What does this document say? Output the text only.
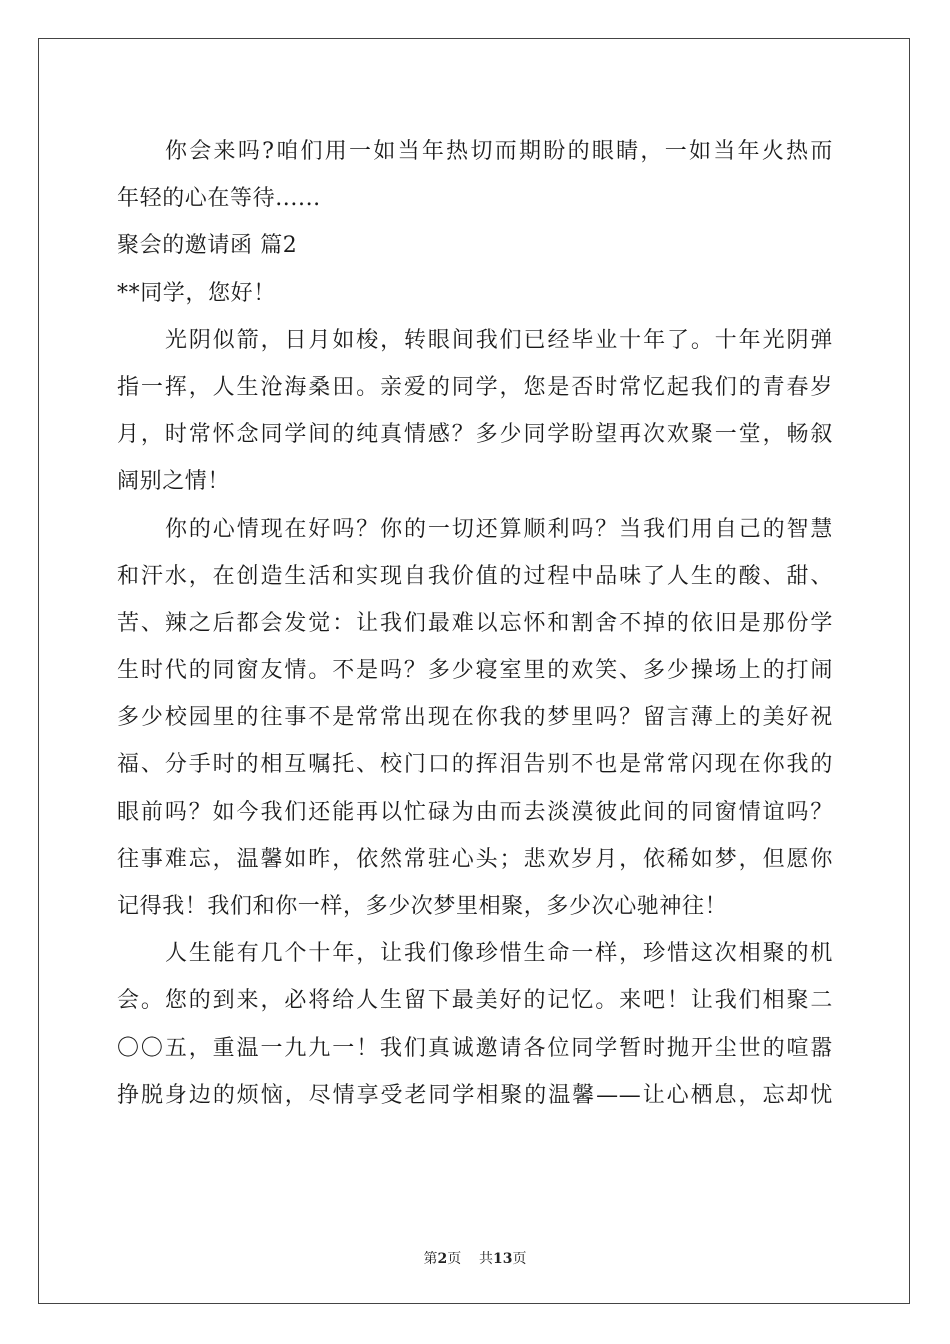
你会来吗?咱们用一如当年热切而期盼的眼睛，一如当年火热而
年轻的心在等待......
聚会的邀请函 篇2
**同学，您好！
光阴似箭，日月如梭，转眼间我们已经毕业十年了。十年光阴弹
指一挥，人生沧海桑田。亲爱的同学，您是否时常忆起我们的青春岁
月，时常怀念同学间的纯真情感？多少同学盼望再次欢聚一堂，畅叙
阔别之情！
你的心情现在好吗？你的一切还算顺利吗？当我们用自己的智慧
和汗水，在创造生活和实现自我价值的过程中品味了人生的酸、甜、
苦、辣之后都会发觉：让我们最难以忘怀和割舍不掉的依旧是那份学
生时代的同窗友情。不是吗？多少寝室里的欢笑、多少操场上的打闹
多少校园里的往事不是常常出现在你我的梦里吗？留言薄上的美好祝
福、分手时的相互嘱托、校门口的挥泪告别不也是常常闪现在你我的
眼前吗？如今我们还能再以忙碌为由而去淡漠彼此间的同窗情谊吗？
往事难忘，温馨如昨，依然常驻心头；悲欢岁月，依稀如梦，但愿你
记得我！我们和你一样，多少次梦里相聚，多少次心驰神往！
人生能有几个十年，让我们像珍惜生命一样，珍惜这次相聚的机
会。您的到来，必将给人生留下最美好的记忆。来吧！让我们相聚二
〇〇五，重温一九九一！我们真诚邀请各位同学暂时抛开尘世的喧嚣
挣脱身边的烦恼，尽情享受老同学相聚的温馨——让心栖息，忘却忧
第2页 共13页
